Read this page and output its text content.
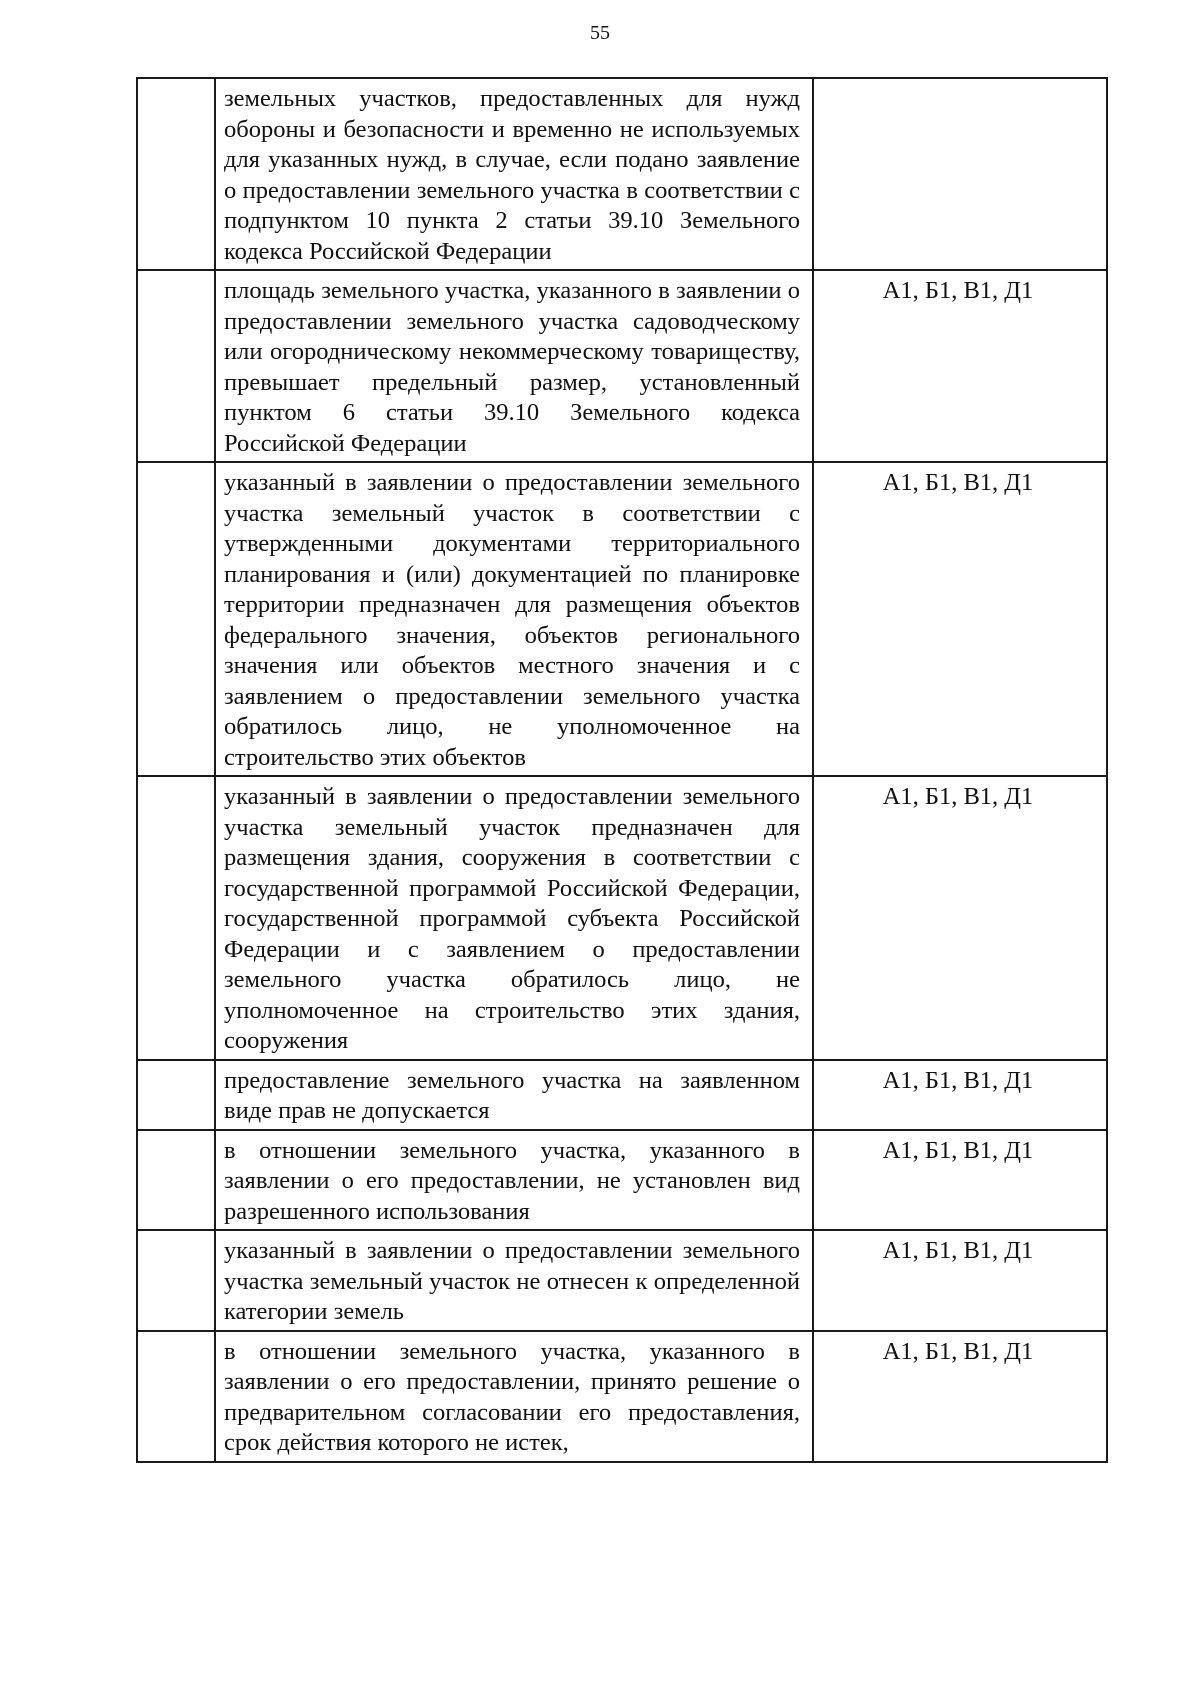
55
	земельных участков, предоставленных для нужд обороны и безопасности и временно не используемых для указанных нужд, в случае, если подано заявление о предоставлении земельного участка в соответствии с подпунктом 10 пункта 2 статьи 39.10 Земельного кодекса Российской Федерации	
	площадь земельного участка, указанного в заявлении о предоставлении земельного участка садоводческому или огородническому некоммерческому товариществу, превышает предельный размер, установленный пунктом 6 статьи 39.10 Земельного кодекса Российской Федерации	А1, Б1, В1, Д1
	указанный в заявлении о предоставлении земельного участка земельный участок в соответствии с утвержденными документами территориального планирования и (или) документацией по планировке территории предназначен для размещения объектов федерального значения, объектов регионального значения или объектов местного значения и с заявлением о предоставлении земельного участка обратилось лицо, не уполномоченное на строительство этих объектов	А1, Б1, В1, Д1
	указанный в заявлении о предоставлении земельного участка земельный участок предназначен для размещения здания, сооружения в соответствии с государственной программой Российской Федерации, государственной программой субъекта Российской Федерации и с заявлением о предоставлении земельного участка обратилось лицо, не уполномоченное на строительство этих здания, сооружения	А1, Б1, В1, Д1
	предоставление земельного участка на заявленном виде прав не допускается	А1, Б1, В1, Д1
	в отношении земельного участка, указанного в заявлении о его предоставлении, не установлен вид разрешенного использования	А1, Б1, В1, Д1
	указанный в заявлении о предоставлении земельного участка земельный участок не отнесен к определенной категории земель	А1, Б1, В1, Д1
	в отношении земельного участка, указанного в заявлении о его предоставлении, принято решение о предварительном согласовании его предоставления, срок действия которого не истек,	А1, Б1, В1, Д1
